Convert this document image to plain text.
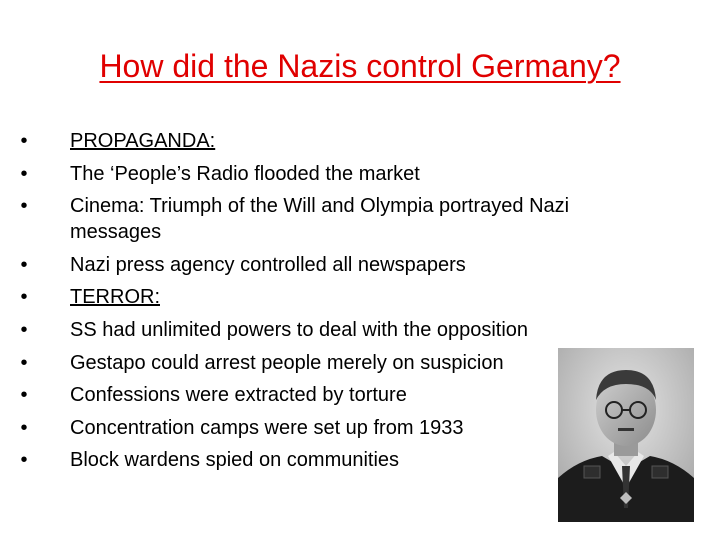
How did the Nazis control Germany?
•	PROPAGANDA:
•	The ‘People’s Radio flooded the market
•	Cinema: Triumph of the Will and Olympia portrayed Nazi messages
•	Nazi press agency controlled all newspapers
•	TERROR:
•	SS had unlimited powers to deal with the opposition
•	Gestapo could arrest people merely on suspicion
•	Confessions were extracted by torture
•	Concentration camps were set up from 1933
•	Block wardens spied on communities
